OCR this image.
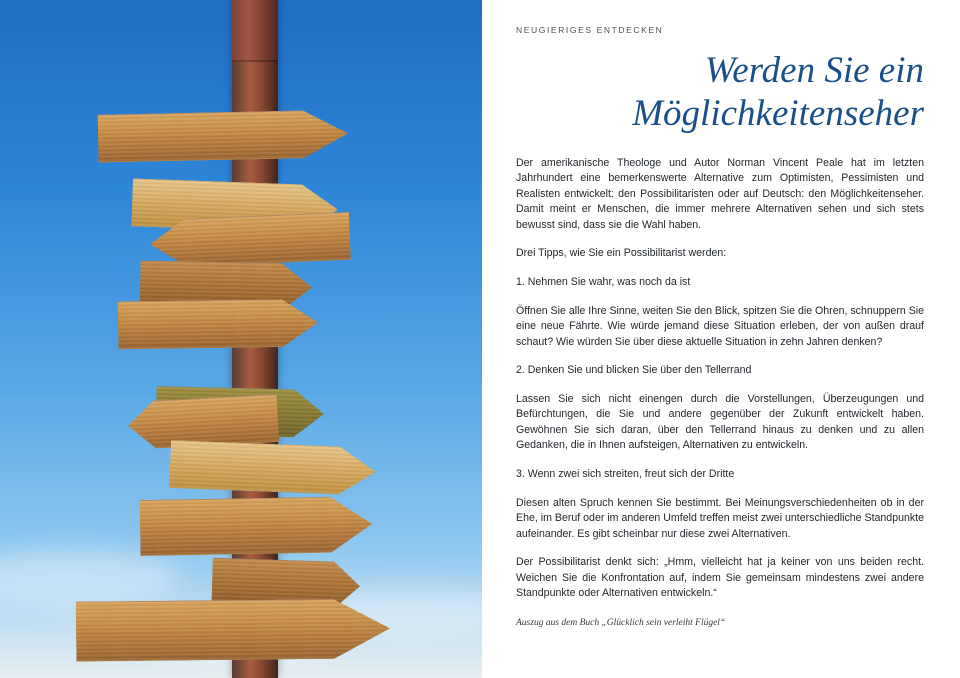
NEUGIERIGES ENTDECKEN
Werden Sie ein
Möglichkeitenseher

Der amerikanische Theologe und Autor Norman Vincent Peale hat im letzten Jahrhundert eine bemerkenswerte Alternative zum Optimisten, Pessimisten und Realisten entwickelt: den Possibilitaristen oder auf Deutsch: den Möglichkeitenseher. Damit meint er Menschen, die immer mehrere Alternativen sehen und sich stets bewusst sind, dass sie die Wahl haben.

Drei Tipps, wie Sie ein Possibilitarist werden:

1. Nehmen Sie wahr, was noch da ist

Öffnen Sie alle Ihre Sinne, weiten Sie den Blick, spitzen Sie die Ohren, schnuppern Sie eine neue Fährte. Wie würde jemand diese Situation erleben, der von außen drauf schaut? Wie würden Sie über diese aktuelle Situation in zehn Jahren denken?

2. Denken Sie und blicken Sie über den Tellerrand

Lassen Sie sich nicht einengen durch die Vorstellungen, Überzeugungen und Befürchtungen, die Sie und andere gegenüber der Zukunft entwickelt haben. Gewöhnen Sie sich daran, über den Tellerrand hinaus zu denken und zu allen Gedanken, die in Ihnen aufsteigen, Alternativen zu entwickeln.

3. Wenn zwei sich streiten, freut sich der Dritte

Diesen alten Spruch kennen Sie bestimmt. Bei Meinungsverschiedenheiten ob in der Ehe, im Beruf oder im anderen Umfeld treffen meist zwei unterschiedliche Standpunkte aufeinander. Es gibt scheinbar nur diese zwei Alternativen.

Der Possibilitarist denkt sich: „Hmm, vielleicht hat ja keiner von uns beiden recht. Weichen Sie die Konfrontation auf, indem Sie gemeinsam mindestens zwei andere Standpunkte oder Alternativen entwickeln.“

Auszug aus dem Buch „Glücklich sein verleiht Flügel“
